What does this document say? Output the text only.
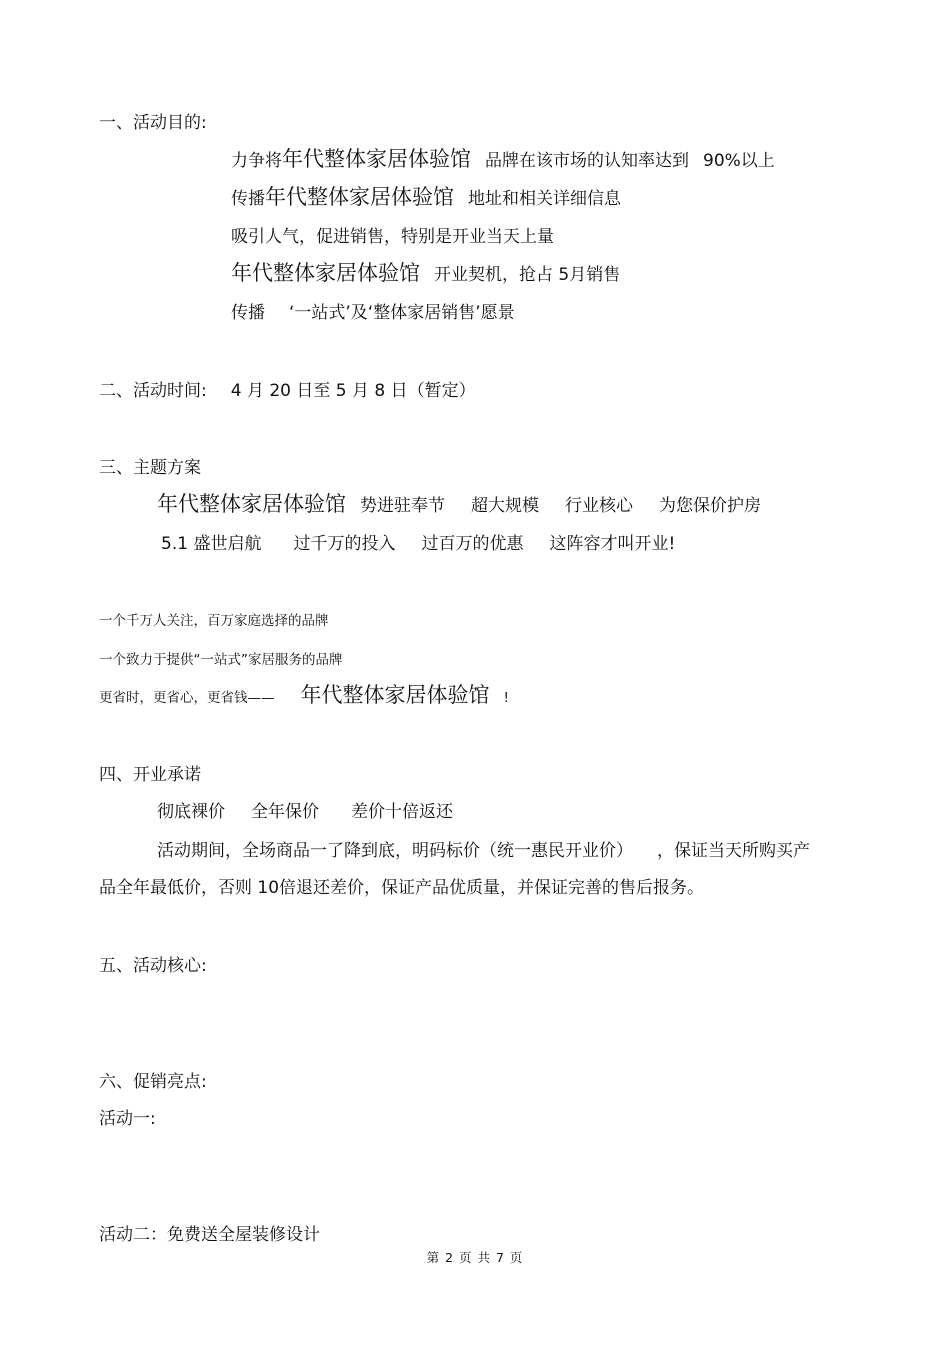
一、活动目的:
力争将年代整体家居体验馆 品牌在该市场的认知率达到 90%以上
传播年代整体家居体验馆 地址和相关详细信息
吸引人气，促进销售，特别是开业当天上量
年代整体家居体验馆 开业契机，抢占 5月销售
传播 ‘一站式’及‘整体家居销售’愿景
二、活动时间: 4 月 20 日至 5 月 8 日（暂定）
三、主题方案
年代整体家居体验馆 势进驻奉节 超大规模 行业核心 为您保价护房
5.1 盛世启航 过千万的投入 过百万的优惠 这阵容才叫开业!
一个千万人关注，百万家庭选择的品牌
一个致力于提供“一站式”家居服务的品牌
更省时，更省心，更省钱—— 年代整体家居体验馆 !
四、开业承诺
彻底裸价 全年保价 差价十倍返还
活动期间，全场商品一了降到底，明码标价（统一惠民开业价） ，保证当天所购买产
品全年最低价，否则 10倍退还差价，保证产品优质量，并保证完善的售后报务。
五、活动核心:
六、促销亮点:
活动一:
活动二：免费送全屋装修设计
第 2 页 共 7 页
